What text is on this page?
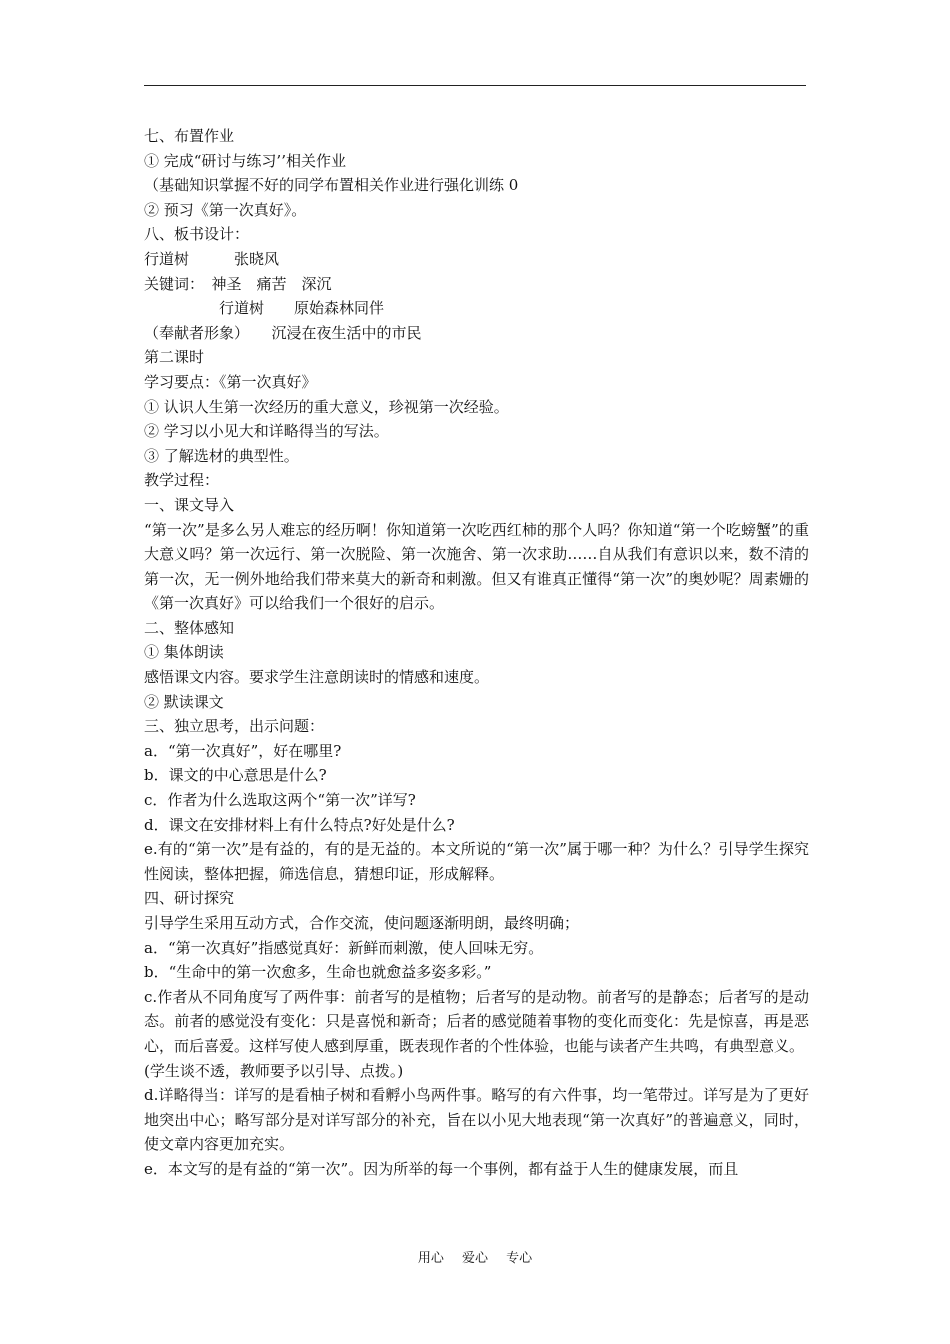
七、布置作业
① 完成“研讨与练习’’相关作业
（基础知识掌握不好的同学布置相关作业进行强化训练 0
② 预习《第一次真好》。
八、板书设计：
行道树　　　张晓风
关键词：　神圣　痛苦　深沉
　　　　　行道树　　原始森林同伴
（奉献者形象）　　沉浸在夜生活中的市民
第二课时
学习要点：《第一次真好》
① 认识人生第一次经历的重大意义，珍视第一次经验。
② 学习以小见大和详略得当的写法。
③ 了解选材的典型性。
教学过程：
一、课文导入
“第一次”是多么另人难忘的经历啊！你知道第一次吃西红柿的那个人吗？你知道“第一个吃螃蟹”的重大意义吗？第一次远行、第一次脱险、第一次施舍、第一次求助……自从我们有意识以来，数不清的第一次，无一例外地给我们带来莫大的新奇和刺激。但又有谁真正懂得“第一次”的奥妙呢？周素姗的《第一次真好》可以给我们一个很好的启示。
二、整体感知
① 集体朗读
感悟课文内容。要求学生注意朗读时的情感和速度。
② 默读课文
三、独立思考，出示问题：
a．“第一次真好”，好在哪里?
b．课文的中心意思是什么?
c．作者为什么选取这两个“第一次”详写?
d．课文在安排材料上有什么特点?好处是什么?
e.有的“第一次”是有益的，有的是无益的。本文所说的“第一次”属于哪一种？为什么？引导学生探究性阅读，整体把握，筛选信息，猜想印证，形成解释。
四、研讨探究
引导学生采用互动方式，合作交流，使问题逐渐明朗，最终明确；
a．“第一次真好”指感觉真好：新鲜而刺激，使人回味无穷。
b．“生命中的第一次愈多，生命也就愈益多姿多彩。”
c.作者从不同角度写了两件事：前者写的是植物；后者写的是动物。前者写的是静态；后者写的是动态。前者的感觉没有变化：只是喜悦和新奇；后者的感觉随着事物的变化而变化：先是惊喜，再是恶心，而后喜爱。这样写使人感到厚重，既表现作者的个性体验，也能与读者产生共鸣，有典型意义。
(学生谈不透，教师要予以引导、点拨。)
d.详略得当：详写的是看柚子树和看孵小鸟两件事。略写的有六件事，均一笔带过。详写是为了更好地突出中心；略写部分是对详写部分的补充，旨在以小见大地表现“第一次真好”的普遍意义，同时，使文章内容更加充实。
e．本文写的是有益的“第一次”。因为所举的每一个事例，都有益于人生的健康发展，而且
用心 爱心 专心
